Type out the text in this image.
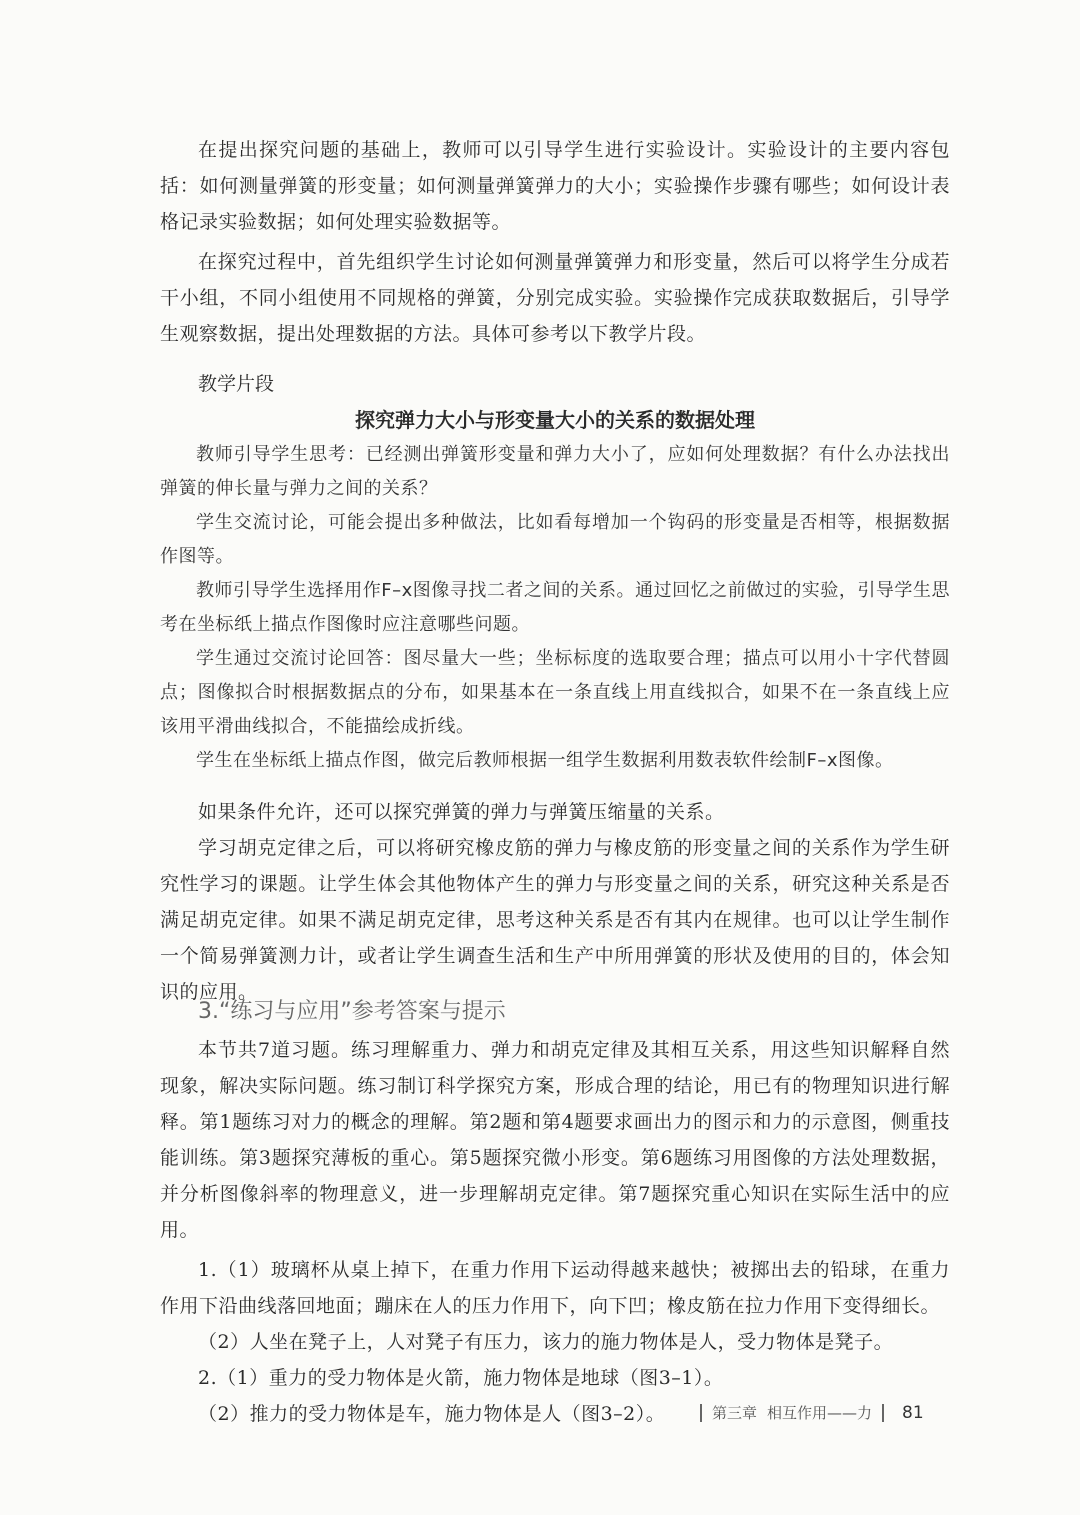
在提出探究问题的基础上，教师可以引导学生进行实验设计。实验设计的主要内容包括：如何测量弹簧的形变量；如何测量弹簧弹力的大小；实验操作步骤有哪些；如何设计表格记录实验数据；如何处理实验数据等。

在探究过程中，首先组织学生讨论如何测量弹簧弹力和形变量，然后可以将学生分成若干小组，不同小组使用不同规格的弹簧，分别完成实验。实验操作完成获取数据后，引导学生观察数据，提出处理数据的方法。具体可参考以下教学片段。

教学片段
探究弹力大小与形变量大小的关系的数据处理

教师引导学生思考：已经测出弹簧形变量和弹力大小了，应如何处理数据？有什么办法找出弹簧的伸长量与弹力之间的关系？

学生交流讨论，可能会提出多种做法，比如看每增加一个钩码的形变量是否相等，根据数据作图等。

教师引导学生选择用作F–x图像寻找二者之间的关系。通过回忆之前做过的实验，引导学生思考在坐标纸上描点作图像时应注意哪些问题。

学生通过交流讨论回答：图尽量大一些；坐标标度的选取要合理；描点可以用小十字代替圆点；图像拟合时根据数据点的分布，如果基本在一条直线上用直线拟合，如果不在一条直线上应该用平滑曲线拟合，不能描绘成折线。

学生在坐标纸上描点作图，做完后教师根据一组学生数据利用数表软件绘制F–x图像。

如果条件允许，还可以探究弹簧的弹力与弹簧压缩量的关系。

学习胡克定律之后，可以将研究橡皮筋的弹力与橡皮筋的形变量之间的关系作为学生研究性学习的课题。让学生体会其他物体产生的弹力与形变量之间的关系，研究这种关系是否满足胡克定律。如果不满足胡克定律，思考这种关系是否有其内在规律。也可以让学生制作一个简易弹簧测力计，或者让学生调查生活和生产中所用弹簧的形状及使用的目的，体会知识的应用。

3.“练习与应用”参考答案与提示

本节共7道习题。练习理解重力、弹力和胡克定律及其相互关系，用这些知识解释自然现象，解决实际问题。练习制订科学探究方案，形成合理的结论，用已有的物理知识进行解释。第1题练习对力的概念的理解。第2题和第4题要求画出力的图示和力的示意图，侧重技能训练。第3题探究薄板的重心。第5题探究微小形变。第6题练习用图像的方法处理数据，并分析图像斜率的物理意义，进一步理解胡克定律。第7题探究重心知识在实际生活中的应用。

1.（1）玻璃杯从桌上掉下，在重力作用下运动得越来越快；被掷出去的铅球，在重力作用下沿曲线落回地面；蹦床在人的压力作用下，向下凹；橡皮筋在拉力作用下变得细长。

（2）人坐在凳子上，人对凳子有压力，该力的施力物体是人，受力物体是凳子。

2.（1）重力的受力物体是火箭，施力物体是地球（图3–1）。

（2）推力的受力物体是车，施力物体是人（图3–2）。	第三章 相互作用——力 81
